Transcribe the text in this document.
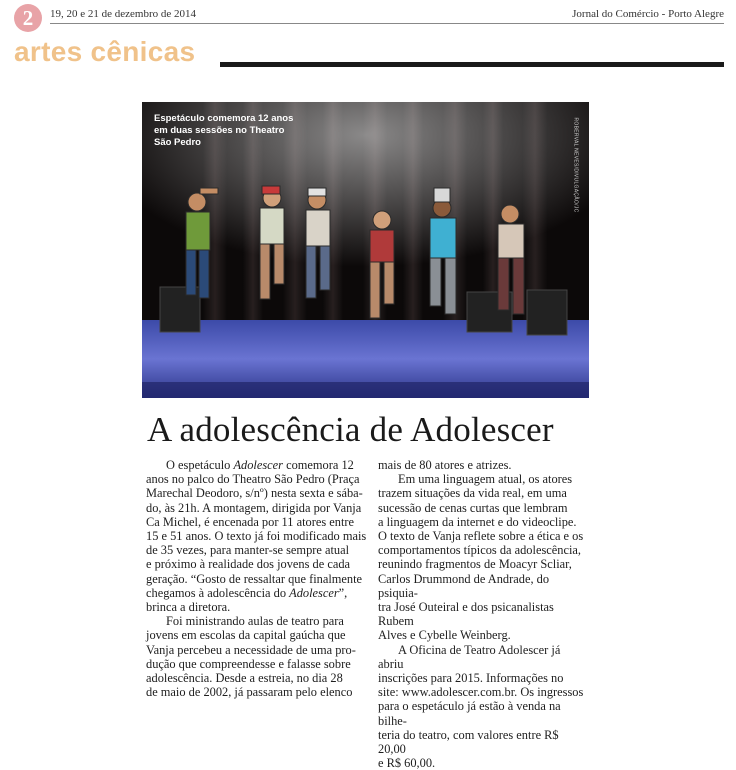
2	19, 20 e 21 de dezembro de 2014	Jornal do Comércio - Porto Alegre
artes cênicas
Espetáculo comemora 12 anos em duas sessões no Theatro São Pedro	ROBERVAL NEVES/DIVULGAÇÃO/JC
A adolescência de Adolescer

O espetáculo Adolescer comemora 12

anos no palco do Theatro São Pedro (Praça

Marechal Deodoro, s/nº) nesta sexta e sába-

do, às 21h. A montagem, dirigida por Vanja

Ca Michel, é encenada por 11 atores entre

15 e 51 anos. O texto já foi modificado mais

de 35 vezes, para manter-se sempre atual

e próximo à realidade dos jovens de cada

geração. “Gosto de ressaltar que finalmente

chegamos à adolescência do Adolescer”,

brinca a diretora.

Foi ministrando aulas de teatro para

jovens em escolas da capital gaúcha que

Vanja percebeu a necessidade de uma pro-

dução que compreendesse e falasse sobre

adolescência. Desde a estreia, no dia 28

de maio de 2002, já passaram pelo elenco

mais de 80 atores e atrizes.

Em uma linguagem atual, os atores

trazem situações da vida real, em uma

sucessão de cenas curtas que lembram

a linguagem da internet e do videoclipe.

O texto de Vanja reflete sobre a ética e os

comportamentos típicos da adolescência,

reunindo fragmentos de Moacyr Scliar,

Carlos Drummond de Andrade, do psiquia-

tra José Outeiral e dos psicanalistas Rubem

Alves e Cybelle Weinberg.

A Oficina de Teatro Adolescer já abriu

inscrições para 2015. Informações no

site: www.adolescer.com.br. Os ingressos

para o espetáculo já estão à venda na bilhe-

teria do teatro, com valores entre R$ 20,00

e R$ 60,00.
